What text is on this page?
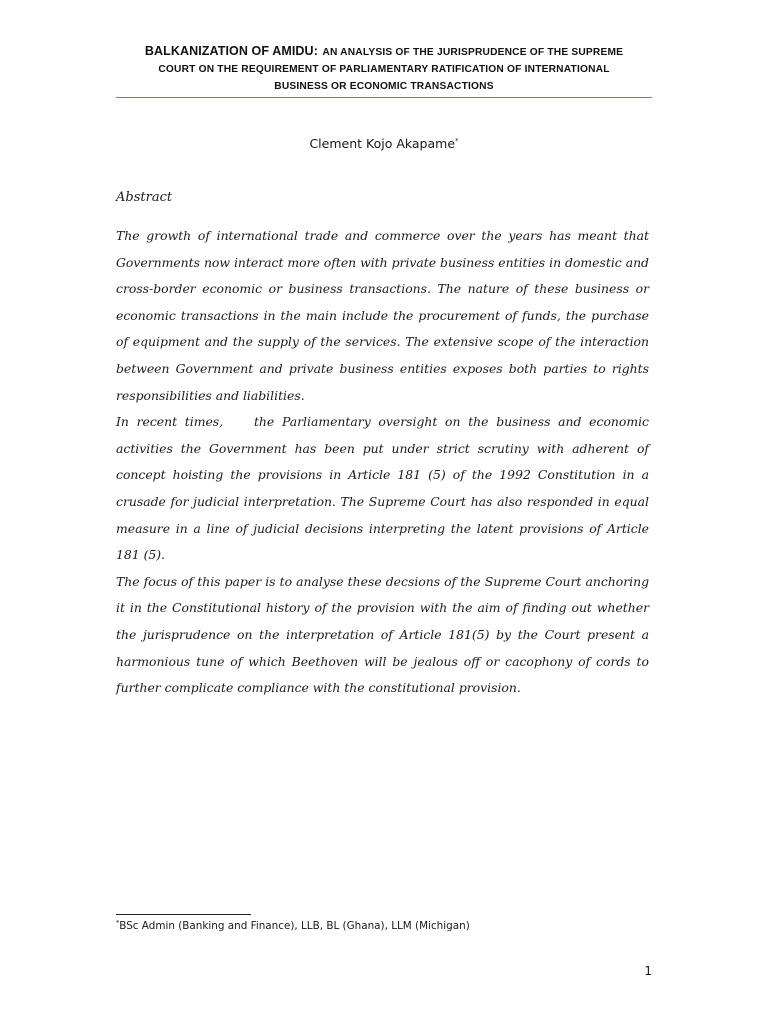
BALKANIZATION OF AMIDU: AN ANALYSIS OF THE JURISPRUDENCE OF THE SUPREME
COURT ON THE REQUIREMENT OF PARLIAMENTARY RATIFICATION OF INTERNATIONAL
BUSINESS OR ECONOMIC TRANSACTIONS
Clement Kojo Akapame*
Abstract

The growth of international trade and commerce over the years has meant that Governments now interact more often with private business entities in domestic and cross-border economic or business transactions. The nature of these business or economic transactions in the main include the procurement of funds, the purchase of equipment and the supply of the services. The extensive scope of the interaction between Government and private business entities exposes both parties to rights responsibilities and liabilities.

In recent times,    the Parliamentary oversight on the business and economic activities the Government has been put under strict scrutiny with adherent of concept hoisting the provisions in Article 181 (5) of the 1992 Constitution in a crusade for judicial interpretation. The Supreme Court has also responded in equal measure in a line of judicial decisions interpreting the latent provisions of Article 181 (5).

The focus of this paper is to analyse these decsions of the Supreme Court anchoring it in the Constitutional history of the provision with the aim of finding out whether the jurisprudence on the interpretation of Article 181(5) by the Court present a harmonious tune of which Beethoven will be jealous off or cacophony of cords to further complicate compliance with the constitutional provision.

*BSc Admin (Banking and Finance), LLB, BL (Ghana), LLM (Michigan)
1
